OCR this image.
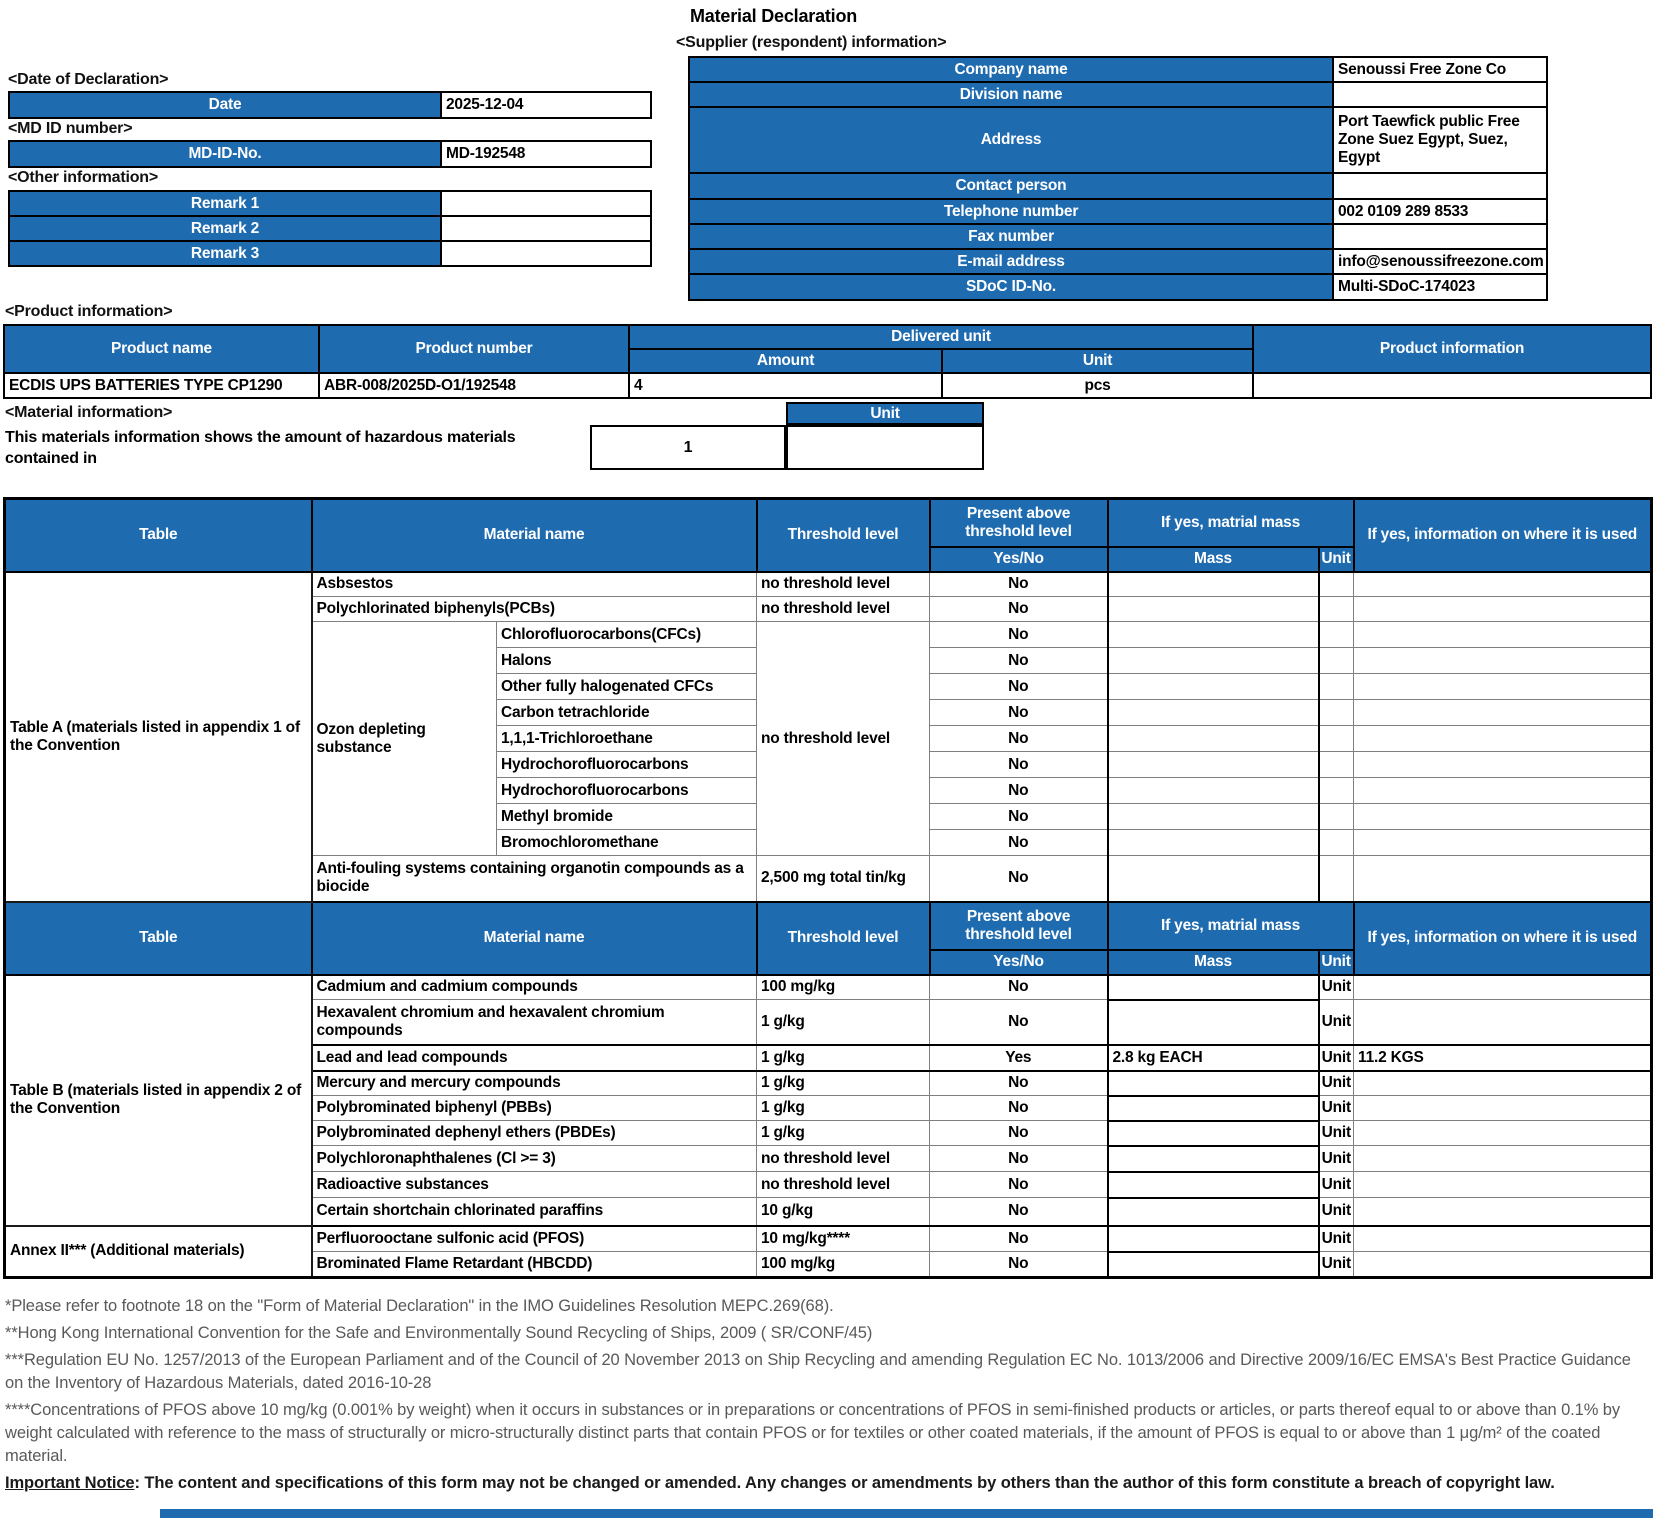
Material Declaration
<Supplier (respondent) information>
Company name	Senoussi Free Zone Co
Division name	
Address	Port Taewfick public Free Zone Suez Egypt, Suez, Egypt
Contact person	
Telephone number	002 0109 289 8533
Fax number	
E-mail address	info@senoussifreezone.com
SDoC ID-No.	Multi-SDoC-174023
<Date of Declaration>
Date	2025-12-04
<MD ID number>
MD-ID-No.	MD-192548
<Other information>
Remark 1	
Remark 2	
Remark 3	
<Product information>
Product name	Product number	Delivered unit		Product information
		Amount	Unit	
ECDIS UPS BATTERIES TYPE CP1290	ABR-008/2025D-O1/192548	4	pcs	
<Material information>
This materials information shows the amount of hazardous materials contained in
Unit
1
Table	Material name		Threshold level	Present above threshold level	If yes, matrial mass		If yes, information on where it is used
				Yes/No	Mass	Unit	
Table A (materials listed in appendix 1 of the Convention	Asbsestos		no threshold level	No			
	Polychlorinated biphenyls(PCBs)		no threshold level	No			
	Ozon depleting substance	Chlorofluorocarbons(CFCs)	no threshold level	No			
		Halons		No			
		Other fully halogenated CFCs		No			
		Carbon tetrachloride		No			
		1,1,1-Trichloroethane		No			
		Hydrochorofluorocarbons		No			
		Hydrochorofluorocarbons		No			
		Methyl bromide		No			
		Bromochloromethane		No			
	Anti-fouling systems containing organotin compounds as a biocide		2,500 mg total tin/kg	No			
Table	Material name		Threshold level	Present above threshold level	If yes, matrial mass		If yes, information on where it is used
				Yes/No	Mass	Unit	
Table B (materials listed in appendix 2 of the Convention	Cadmium and cadmium compounds		100 mg/kg	No		Unit	
	Hexavalent chromium and hexavalent chromium compounds		1 g/kg	No		Unit	
	Lead and lead compounds		1 g/kg	Yes	2.8 kg EACH	Unit	11.2 KGS
	Mercury and mercury compounds		1 g/kg	No		Unit	
	Polybrominated biphenyl (PBBs)		1 g/kg	No		Unit	
	Polybrominated dephenyl ethers (PBDEs)		1 g/kg	No		Unit	
	Polychloronaphthalenes (Cl >= 3)		no threshold level	No		Unit	
	Radioactive substances		no threshold level	No		Unit	
	Certain shortchain chlorinated paraffins		10 g/kg	No		Unit	
Annex II*** (Additional materials)	Perfluorooctane sulfonic acid (PFOS)		10 mg/kg****	No		Unit	
	Brominated Flame Retardant (HBCDD)		100 mg/kg	No		Unit	

*Please refer to footnote 18 on the "Form of Material Declaration" in the IMO Guidelines Resolution MEPC.269(68).

**Hong Kong International Convention for the Safe and Environmentally Sound Recycling of Ships, 2009 ( SR/CONF/45)

***Regulation EU No. 1257/2013 of the European Parliament and of the Council of 20 November 2013 on Ship Recycling and amending Regulation EC No. 1013/2006 and Directive 2009/16/EC EMSA's Best Practice Guidance on the Inventory of Hazardous Materials, dated 2016-10-28

****Concentrations of PFOS above 10 mg/kg (0.001% by weight) when it occurs in substances or in preparations or concentrations of PFOS in semi-finished products or articles, or parts thereof equal to or above than 0.1% by weight calculated with reference to the mass of structurally or micro-structurally distinct parts that contain PFOS or for textiles or other coated materials, if the amount of PFOS is equal to or above than 1 μg/m² of the coated material.

Important Notice: The content and specifications of this form may not be changed or amended. Any changes or amendments by others than the author of this form constitute a breach of copyright law.
